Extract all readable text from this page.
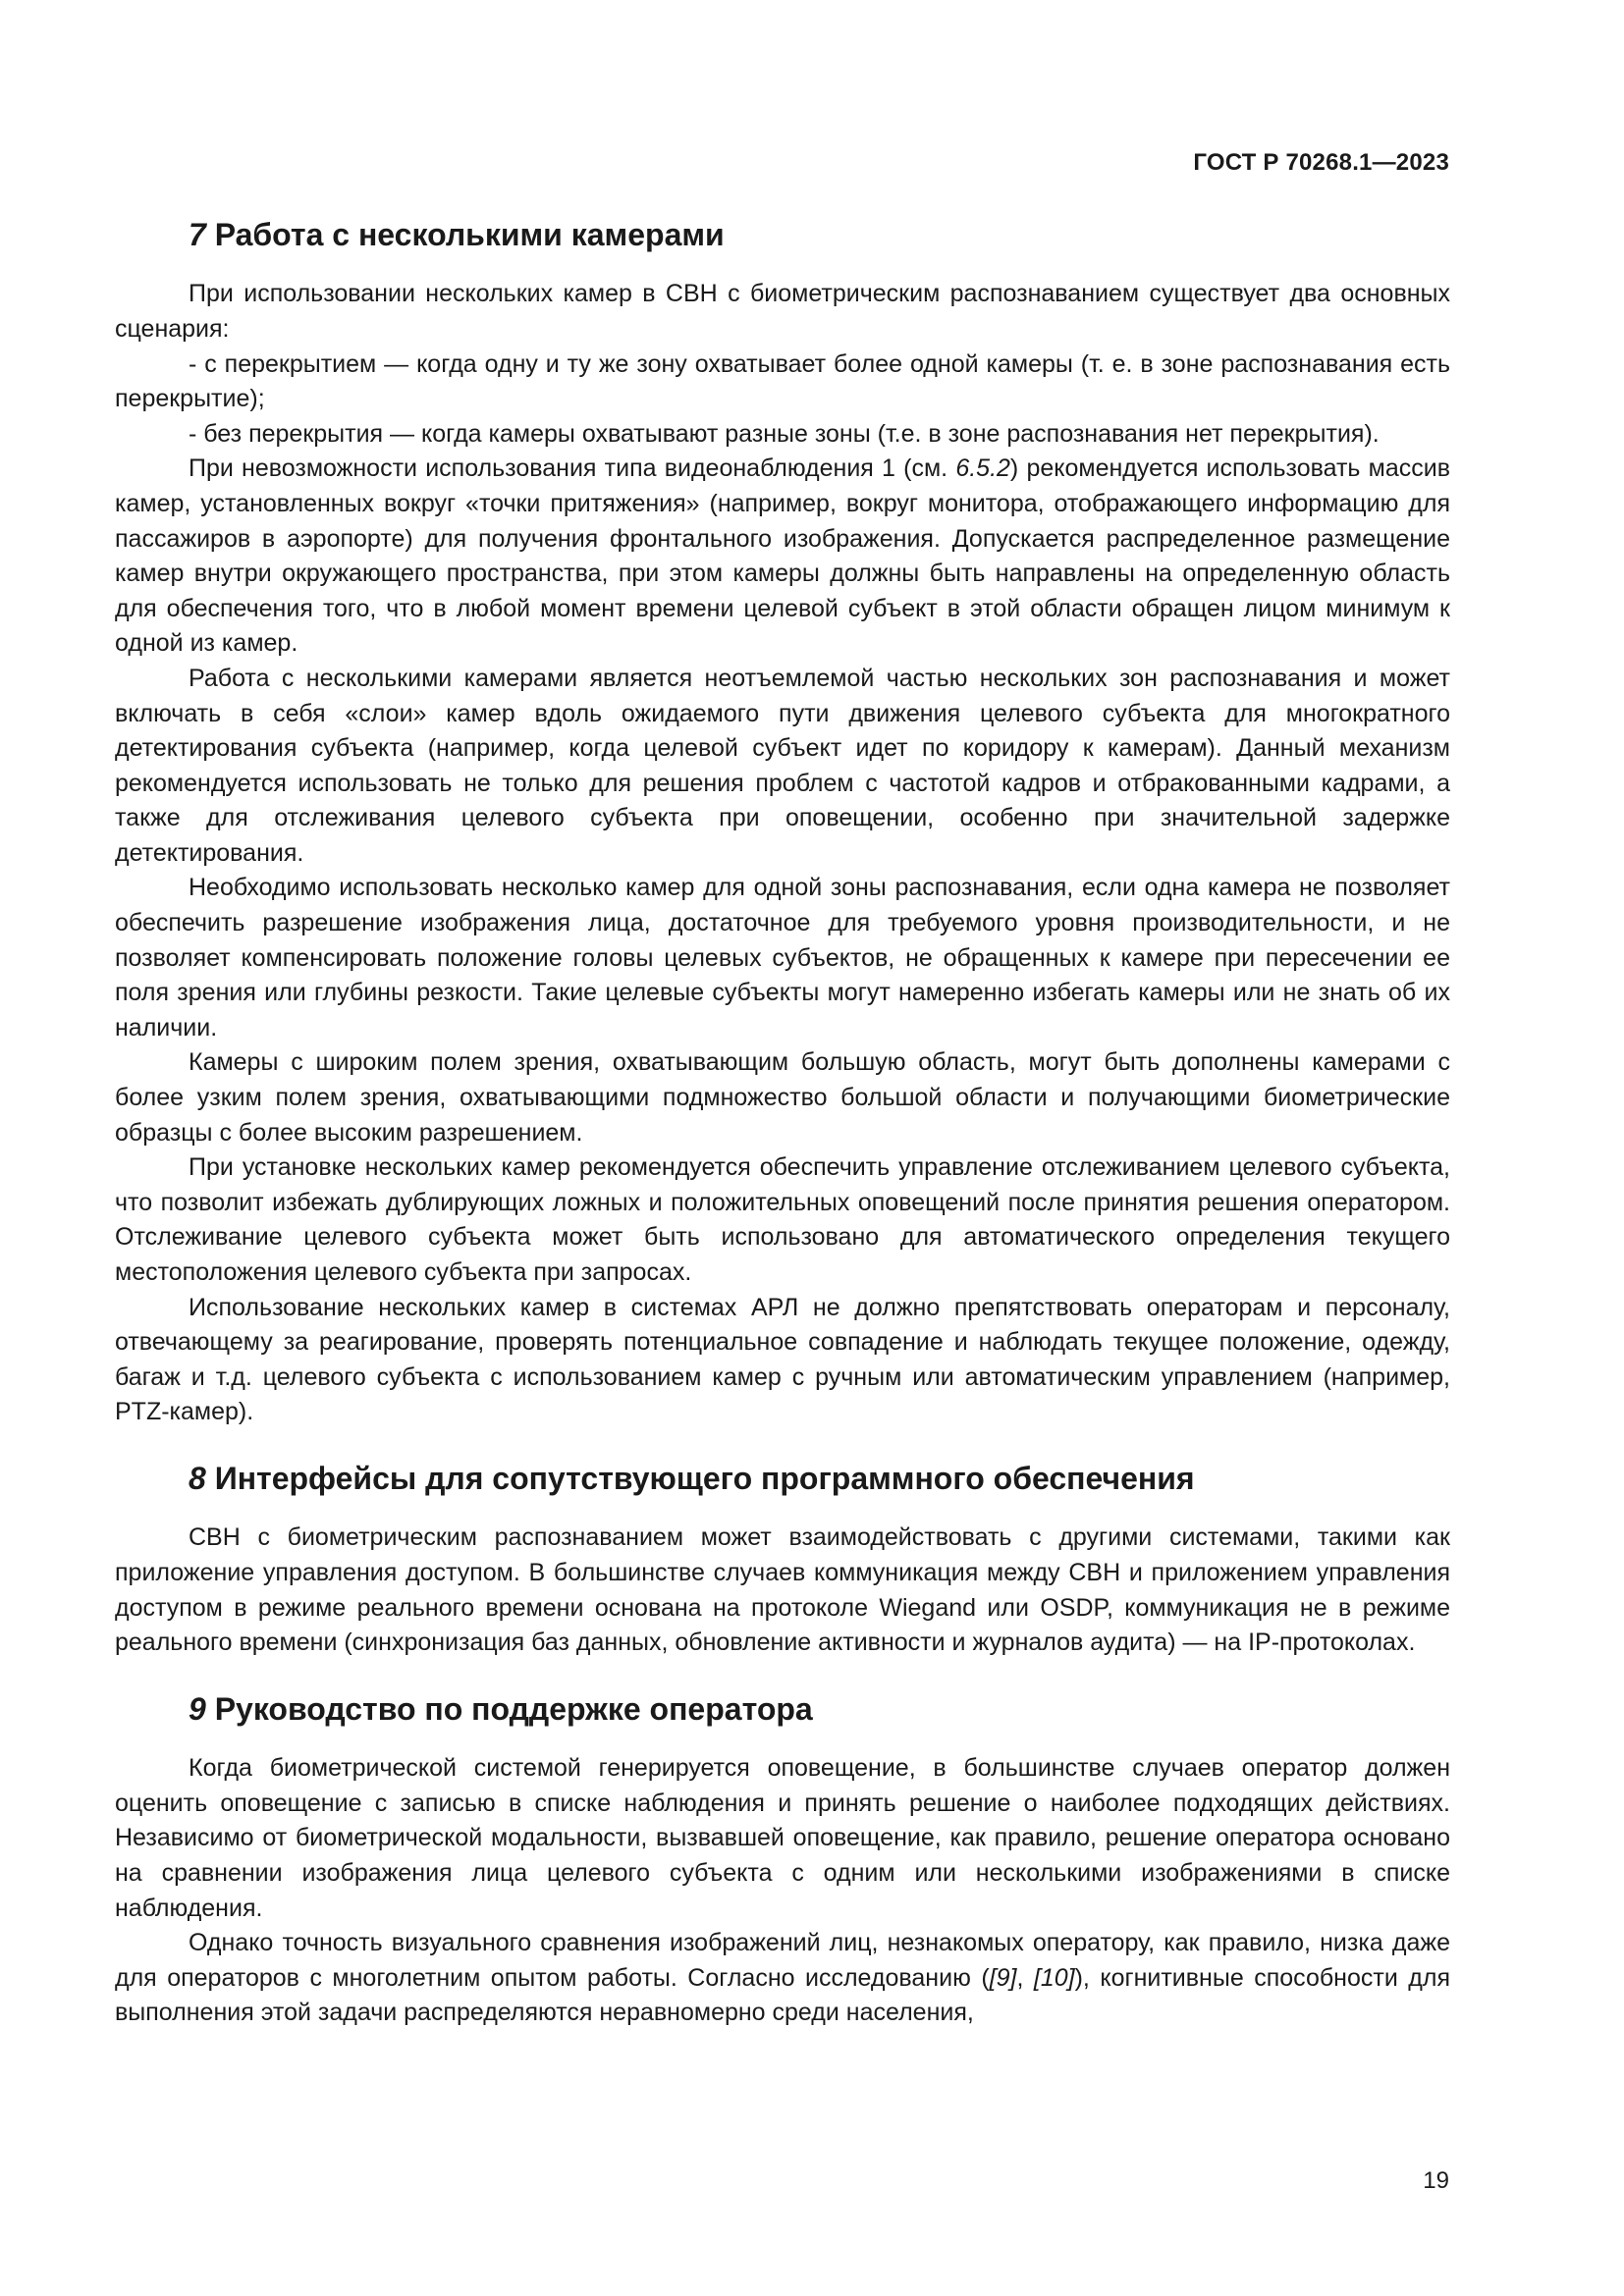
ГОСТ Р 70268.1—2023
7 Работа с несколькими камерами

При использовании нескольких камер в СВН с биометрическим распознаванием существует два основных сценария:

- с перекрытием — когда одну и ту же зону охватывает более одной камеры (т. е. в зоне распознавания есть перекрытие);

- без перекрытия — когда камеры охватывают разные зоны (т.е. в зоне распознавания нет перекрытия).

При невозможности использования типа видеонаблюдения 1 (см. 6.5.2) рекомендуется использовать массив камер, установленных вокруг «точки притяжения» (например, вокруг монитора, отображающего информацию для пассажиров в аэропорте) для получения фронтального изображения. Допускается распределенное размещение камер внутри окружающего пространства, при этом камеры должны быть направлены на определенную область для обеспечения того, что в любой момент времени целевой субъект в этой области обращен лицом минимум к одной из камер.

Работа с несколькими камерами является неотъемлемой частью нескольких зон распознавания и может включать в себя «слои» камер вдоль ожидаемого пути движения целевого субъекта для многократного детектирования субъекта (например, когда целевой субъект идет по коридору к камерам). Данный механизм рекомендуется использовать не только для решения проблем с частотой кадров и отбракованными кадрами, а также для отслеживания целевого субъекта при оповещении, особенно при значительной задержке детектирования.

Необходимо использовать несколько камер для одной зоны распознавания, если одна камера не позволяет обеспечить разрешение изображения лица, достаточное для требуемого уровня производительности, и не позволяет компенсировать положение головы целевых субъектов, не обращенных к камере при пересечении ее поля зрения или глубины резкости. Такие целевые субъекты могут намеренно избегать камеры или не знать об их наличии.

Камеры с широким полем зрения, охватывающим большую область, могут быть дополнены камерами с более узким полем зрения, охватывающими подмножество большой области и получающими биометрические образцы с более высоким разрешением.

При установке нескольких камер рекомендуется обеспечить управление отслеживанием целевого субъекта, что позволит избежать дублирующих ложных и положительных оповещений после принятия решения оператором. Отслеживание целевого субъекта может быть использовано для автоматического определения текущего местоположения целевого субъекта при запросах.

Использование нескольких камер в системах АРЛ не должно препятствовать операторам и персоналу, отвечающему за реагирование, проверять потенциальное совпадение и наблюдать текущее положение, одежду, багаж и т.д. целевого субъекта с использованием камер с ручным или автоматическим управлением (например, PTZ-камер).

8 Интерфейсы для сопутствующего программного обеспечения

СВН с биометрическим распознаванием может взаимодействовать с другими системами, такими как приложение управления доступом. В большинстве случаев коммуникация между СВН и приложением управления доступом в режиме реального времени основана на протоколе Wiegand или OSDP, коммуникация не в режиме реального времени (синхронизация баз данных, обновление активности и журналов аудита) — на IP-протоколах.

9 Руководство по поддержке оператора

Когда биометрической системой генерируется оповещение, в большинстве случаев оператор должен оценить оповещение с записью в списке наблюдения и принять решение о наиболее подходящих действиях. Независимо от биометрической модальности, вызвавшей оповещение, как правило, решение оператора основано на сравнении изображения лица целевого субъекта с одним или несколькими изображениями в списке наблюдения.

Однако точность визуального сравнения изображений лиц, незнакомых оператору, как правило, низка даже для операторов с многолетним опытом работы. Согласно исследованию ([9], [10]), когнитивные способности для выполнения этой задачи распределяются неравномерно среди населения,

19
